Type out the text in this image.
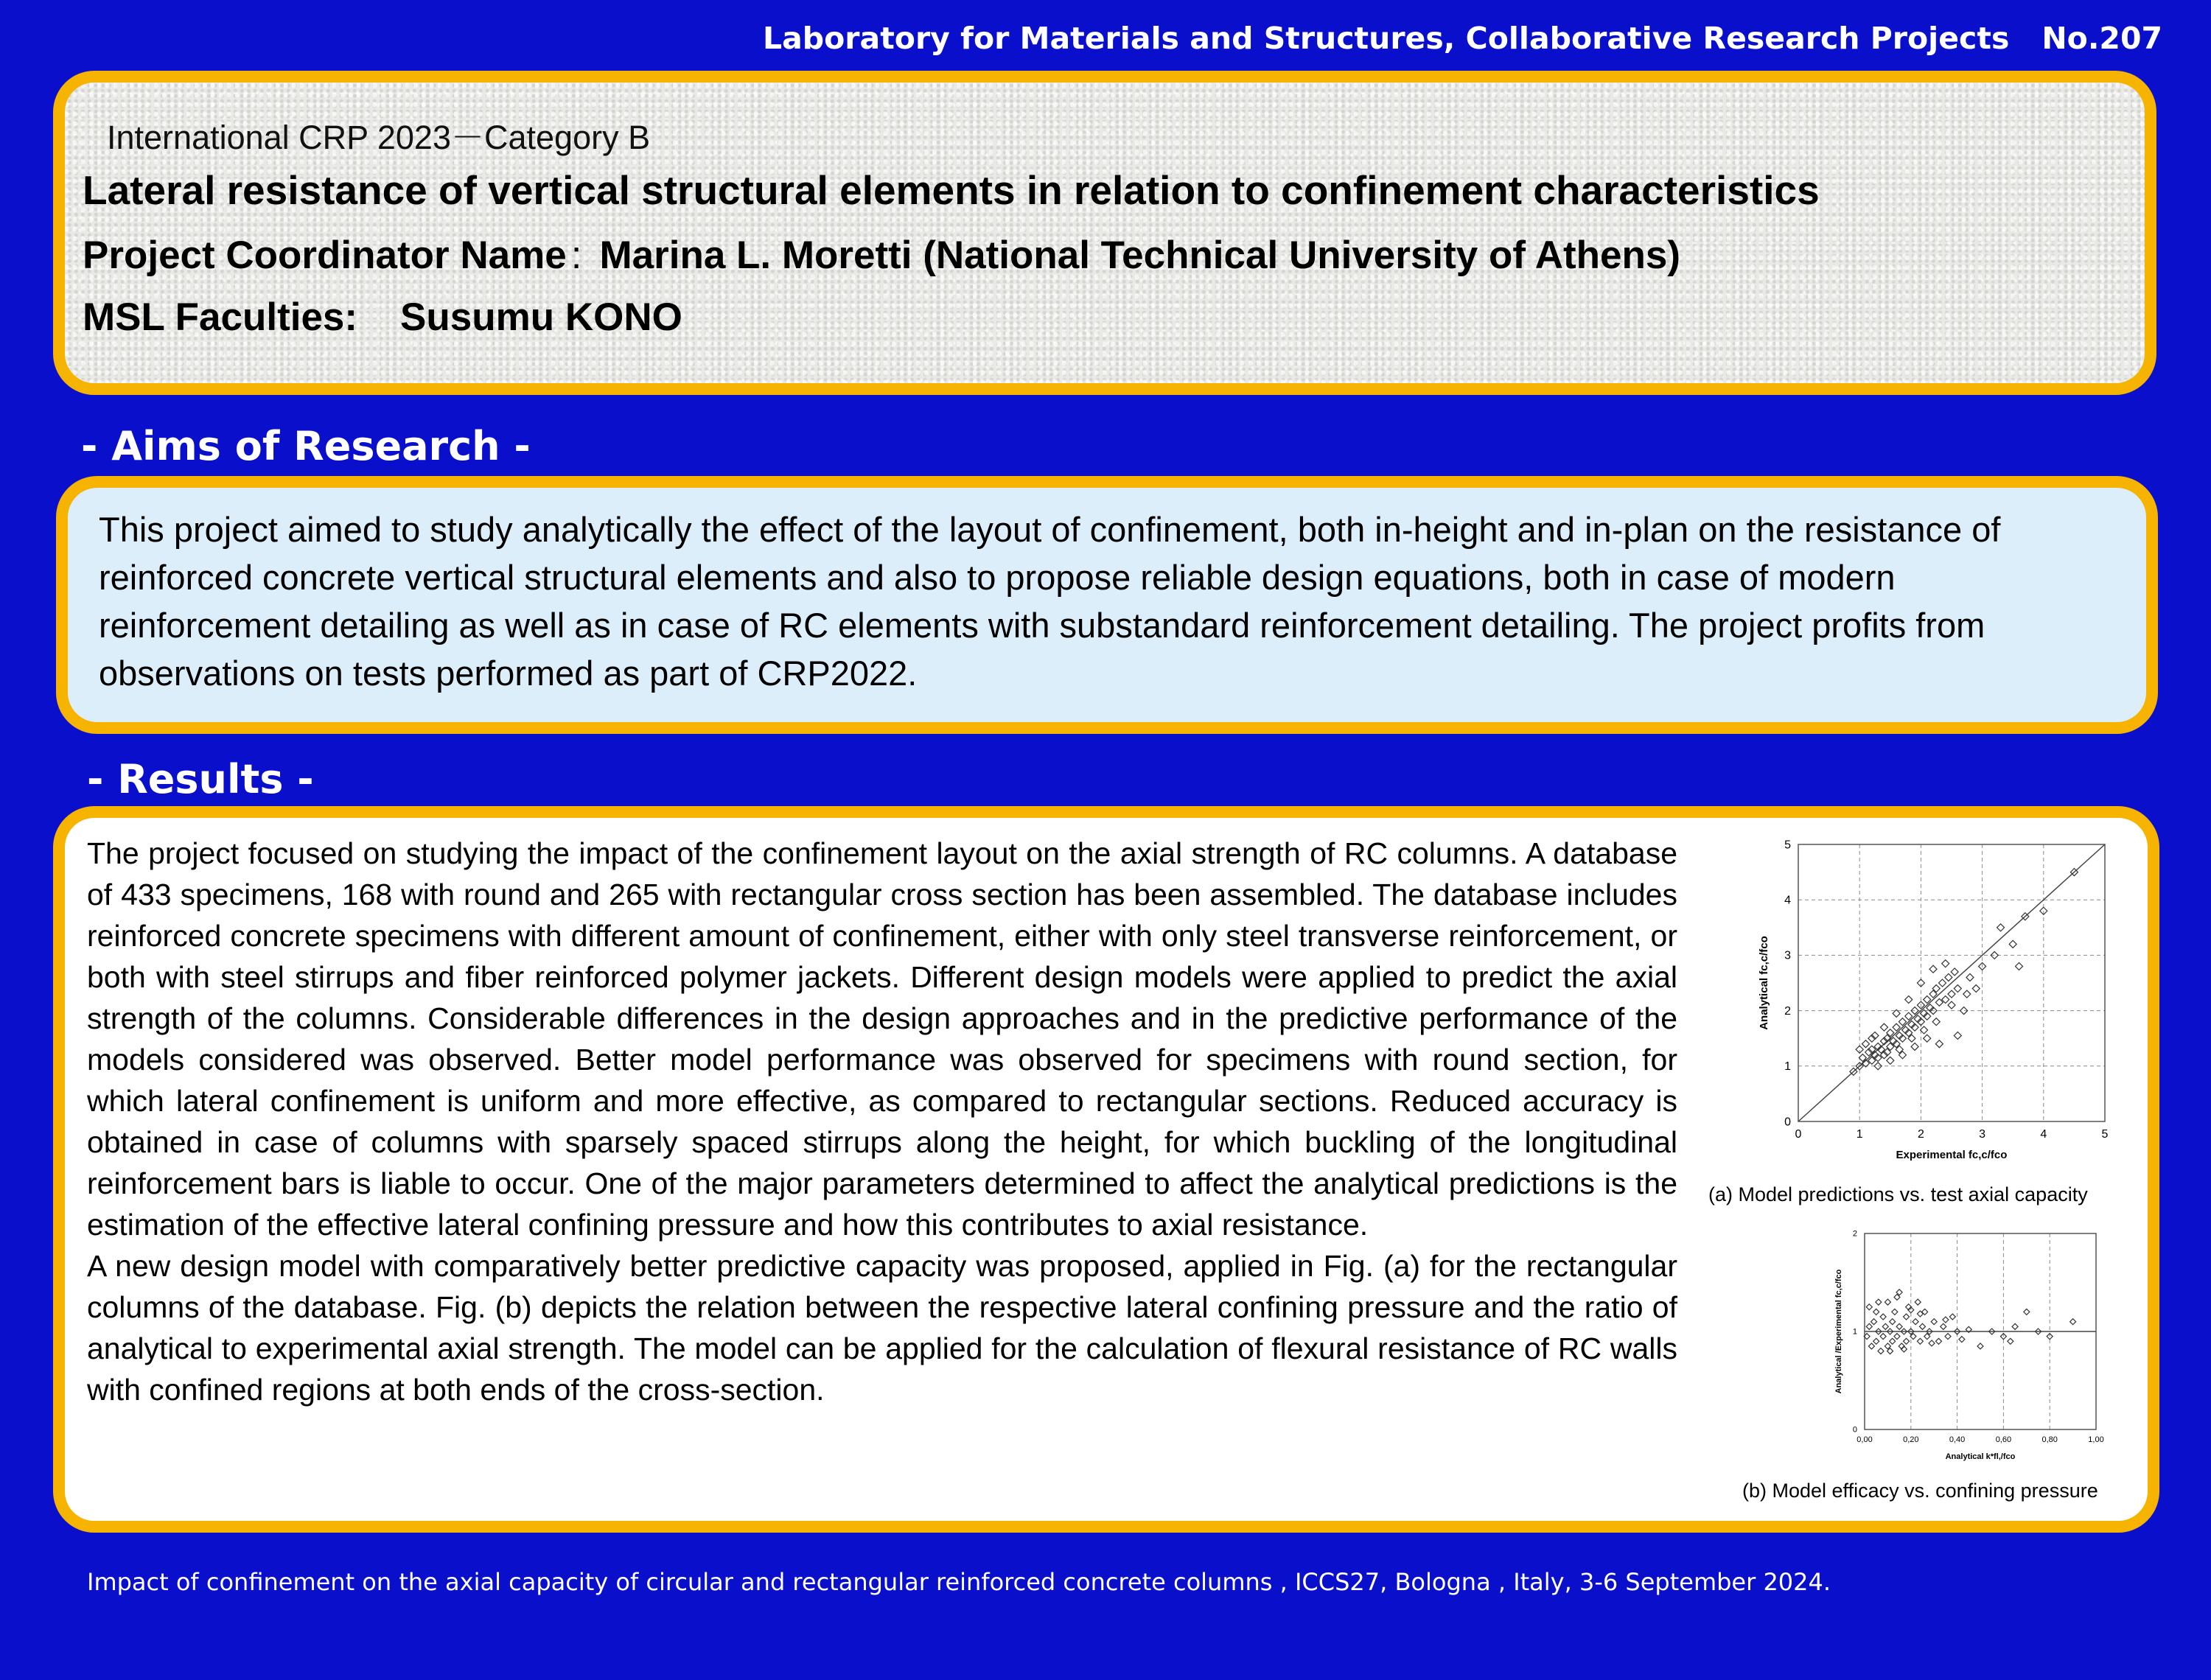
Laboratory for Materials and Structures, Collaborative Research Projects No.207
International CRP 2023－Category B
Lateral resistance of vertical structural elements in relation to confinement characteristics
Project Coordinator Name : Marina L. Moretti (National Technical University of Athens)
MSL Faculties: Susumu KONO
- Aims of Research -
This project aimed to study analytically the effect of the layout of confinement, both in-height and in-plan on the resistance of reinforced concrete vertical structural elements and also to propose reliable design equations, both in case of modern reinforcement detailing as well as in case of RC elements with substandard reinforcement detailing. The project profits from observations on tests performed as part of CRP2022.
- Results -

The project focused on studying the impact of the confinement layout on the axial strength of RC columns. A database of 433 specimens, 168 with round and 265 with rectangular cross section has been assembled. The database includes reinforced concrete specimens with different amount of confinement, either with only steel transverse reinforcement, or both with steel stirrups and fiber reinforced polymer jackets. Different design models were applied to predict the axial strength of the columns. Considerable differences in the design approaches and in the predictive performance of the models considered was observed. Better model performance was observed for specimens with round section, for which lateral confinement is uniform and more effective, as compared to rectangular sections. Reduced accuracy is obtained in case of columns with sparsely spaced stirrups along the height, for which buckling of the longitudinal reinforcement bars is liable to occur. One of the major parameters determined to affect the analytical predictions is the estimation of the effective lateral confining pressure and how this contributes to axial resistance.

A new design model with comparatively better predictive capacity was proposed, applied in Fig. (a) for the rectangular columns of the database. Fig. (b) depicts the relation between the respective lateral confining pressure and the ratio of analytical to experimental axial strength. The model can be applied for the calculation of flexural resistance of RC walls with confined regions at both ends of the cross-section.

0	1	2	3	4	5
0
1
2
3
4
5
Experimental fc,c/fco
Analytical fc,c/fco
(a) Model predictions vs. test axial capacity
0,00	0,20	0,40	0,60	0,80	1,00
0
1
2
Analytical k*fl,/fco
Analytical /Experimental fc,c/fco
(b) Model efficacy vs. confining pressure
Impact of confinement on the axial capacity of circular and rectangular reinforced concrete columns , ICCS27, Bologna , Italy, 3-6 September 2024.
